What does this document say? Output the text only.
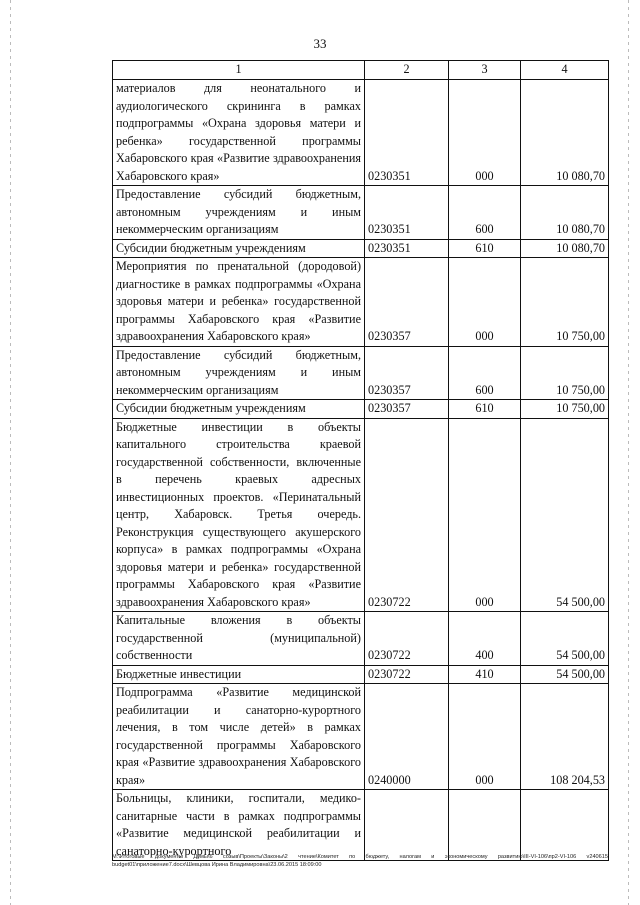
33
1	2	3	4
материалов для неонатального и аудиологического скрининга в рамках подпрограммы «Охрана здоровья матери и ребенка» государственной программы Хабаровского края «Развитие здравоохранения Хабаровского края»	0230351	000	10 080,70
Предоставление субсидий бюджетным, автономным учреждениям и иным некоммерческим организациям	0230351	600	10 080,70
Субсидии бюджетным учреждениям	0230351	610	10 080,70
Мероприятия по пренатальной (дородовой) диагностике в рамках подпрограммы «Охрана здоровья матери и ребенка» государственной программы Хабаровского края «Развитие здравоохранения Хабаровского края»	0230357	000	10 750,00
Предоставление субсидий бюджетным, автономным учреждениям и иным некоммерческим организациям	0230357	600	10 750,00
Субсидии бюджетным учреждениям	0230357	610	10 750,00
Бюджетные инвестиции в объекты капитального строительства краевой государственной собственности, включенные в перечень краевых адресных инвестиционных проектов. «Перинатальный центр, Хабаровск. Третья очередь. Реконструкция существующего акушерского корпуса» в рамках подпрограммы «Охрана здоровья матери и ребенка» государственной программы Хабаровского края «Развитие здравоохранения Хабаровского края»	0230722	000	54 500,00
Капитальные вложения в объекты государственной (муниципальной) собственности	0230722	400	54 500,00
Бюджетные инвестиции	0230722	410	54 500,00
Подпрограмма «Развитие медицинской реабилитации и санаторно-курортного лечения, в том числе детей» в рамках государственной программы Хабаровского края «Развитие здравоохранения Хабаровского края»	0240000	000	108 204,53
Больницы, клиники, госпитали, медико-санитарные части в рамках подпрограммы «Развитие медицинской реабилитации и санаторно-курортного			
M:\Итоговые документы Думы\6 созыв\Проекты\Законы\2 чтение\Комитет по бюджету, налогам и экономическому развитию\III-VI-106\пр2-VI-106 v240615 budget01\приложение7.docx\Шевцова Ирина Владимировна\23.06.2015 18:09:00
